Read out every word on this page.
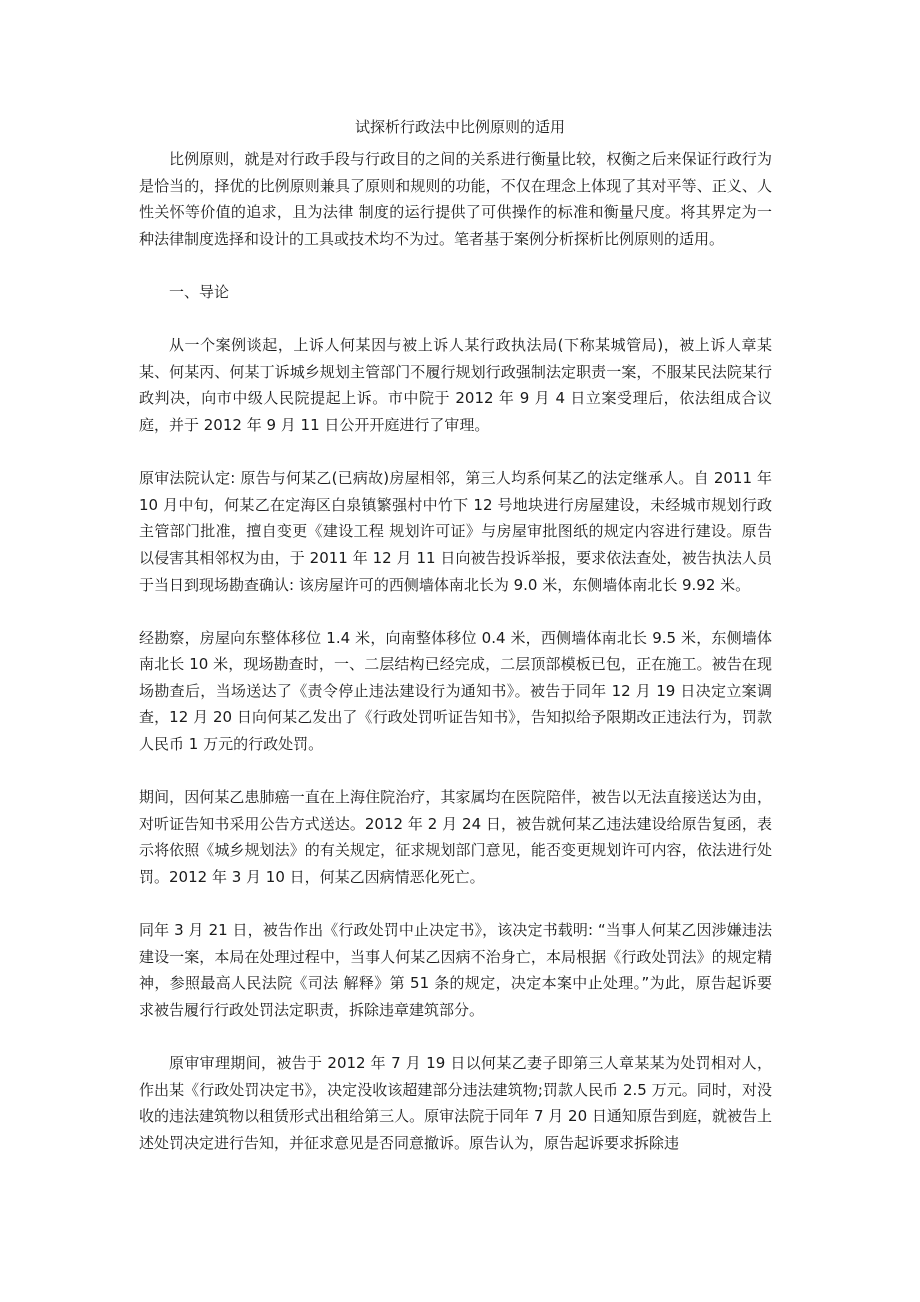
试探析行政法中比例原则的适用

比例原则，就是对行政手段与行政目的之间的关系进行衡量比较，权衡之后来保证行政行为是恰当的，择优的比例原则兼具了原则和规则的功能，不仅在理念上体现了其对平等、正义、人性关怀等价值的追求，且为法律 制度的运行提供了可供操作的标准和衡量尺度。将其界定为一种法律制度选择和设计的工具或技术均不为过。笔者基于案例分析探析比例原则的适用。

一、导论

从一个案例谈起，上诉人何某因与被上诉人某行政执法局(下称某城管局)，被上诉人章某某、何某丙、何某丁诉城乡规划主管部门不履行规划行政强制法定职责一案，不服某民法院某行政判决，向市中级人民院提起上诉。市中院于 2012 年 9 月 4 日立案受理后，依法组成合议庭，并于 2012 年 9 月 11 日公开开庭进行了审理。

原审法院认定: 原告与何某乙(已病故)房屋相邻，第三人均系何某乙的法定继承人。自 2011 年 10 月中旬，何某乙在定海区白泉镇繁强村中竹下 12 号地块进行房屋建设，未经城市规划行政主管部门批准，擅自变更《建设工程 规划许可证》与房屋审批图纸的规定内容进行建设。原告以侵害其相邻权为由，于 2011 年 12 月 11 日向被告投诉举报，要求依法查处，被告执法人员于当日到现场勘查确认: 该房屋许可的西侧墙体南北长为 9.0 米，东侧墙体南北长 9.92 米。

经勘察，房屋向东整体移位 1.4 米，向南整体移位 0.4 米，西侧墙体南北长 9.5 米，东侧墙体南北长 10 米，现场勘查时，一、二层结构已经完成，二层顶部模板已包，正在施工。被告在现场勘查后，当场送达了《责令停止违法建设行为通知书》。被告于同年 12 月 19 日决定立案调查，12 月 20 日向何某乙发出了《行政处罚听证告知书》，告知拟给予限期改正违法行为，罚款人民币 1 万元的行政处罚。

期间，因何某乙患肺癌一直在上海住院治疗，其家属均在医院陪伴，被告以无法直接送达为由，对听证告知书采用公告方式送达。2012 年 2 月 24 日，被告就何某乙违法建设给原告复函，表示将依照《城乡规划法》的有关规定，征求规划部门意见，能否变更规划许可内容，依法进行处罚。2012 年 3 月 10 日，何某乙因病情恶化死亡。

同年 3 月 21 日，被告作出《行政处罚中止决定书》，该决定书载明: “当事人何某乙因涉嫌违法建设一案，本局在处理过程中，当事人何某乙因病不治身亡，本局根据《行政处罚法》的规定精神，参照最高人民法院《司法 解释》第 51 条的规定，决定本案中止处理。”为此，原告起诉要求被告履行行政处罚法定职责，拆除违章建筑部分。

原审审理期间，被告于 2012 年 7 月 19 日以何某乙妻子即第三人章某某为处罚相对人，作出某《行政处罚决定书》，决定没收该超建部分违法建筑物;罚款人民币 2.5 万元。同时，对没收的违法建筑物以租赁形式出租给第三人。原审法院于同年 7 月 20 日通知原告到庭，就被告上述处罚决定进行告知，并征求意见是否同意撤诉。原告认为，原告起诉要求拆除违
